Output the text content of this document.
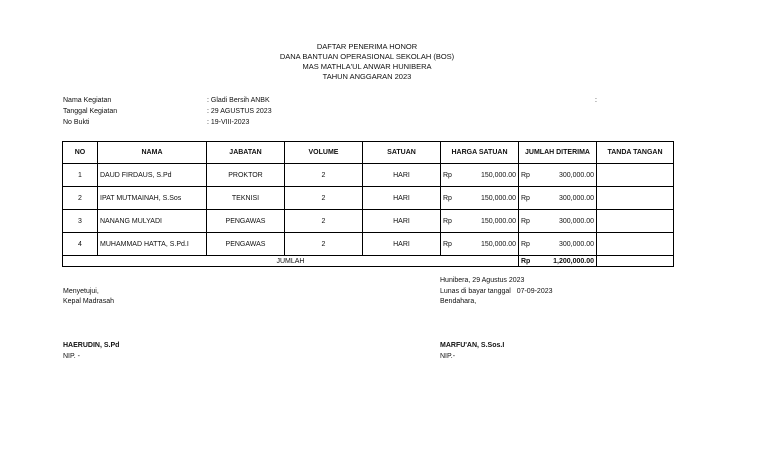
DAFTAR PENERIMA HONOR
DANA BANTUAN OPERASIONAL SEKOLAH (BOS)
MAS MATHLA'UL ANWAR HUNIBERA
TAHUN ANGGARAN 2023
Nama Kegiatan	: Gladi Bersih ANBK	:
Tanggal Kegiatan	: 29 AGUSTUS 2023
No Bukti	: 19-VIII-2023
NO	NAMA	JABATAN	VOLUME	SATUAN	HARGA SATUAN	JUMLAH DITERIMA	TANDA TANGAN
1	DAUD FIRDAUS, S.Pd	PROKTOR	2	HARI	Rp 150,000.00	Rp 300,000.00	

2	IPAT MUTMAINAH, S.Sos	TEKNISI	2	HARI	Rp 150,000.00	Rp 300,000.00	

3	NANANG MULYADI	PENGAWAS	2	HARI	Rp 150,000.00	Rp 300,000.00	

4	MUHAMMAD HATTA, S.Pd.I	PENGAWAS	2	HARI	Rp 150,000.00	Rp 300,000.00	

JUMLAH						Rp 1,200,000.00	

Hunibera, 29 Agustus 2023
Lunas di bayar tanggal 07-09-2023
Bendahara,
Menyetujui,
Kepal Madrasah
HAERUDIN, S.Pd
NIP. -
MARFU'AN, S.Sos.I
NIP.-
